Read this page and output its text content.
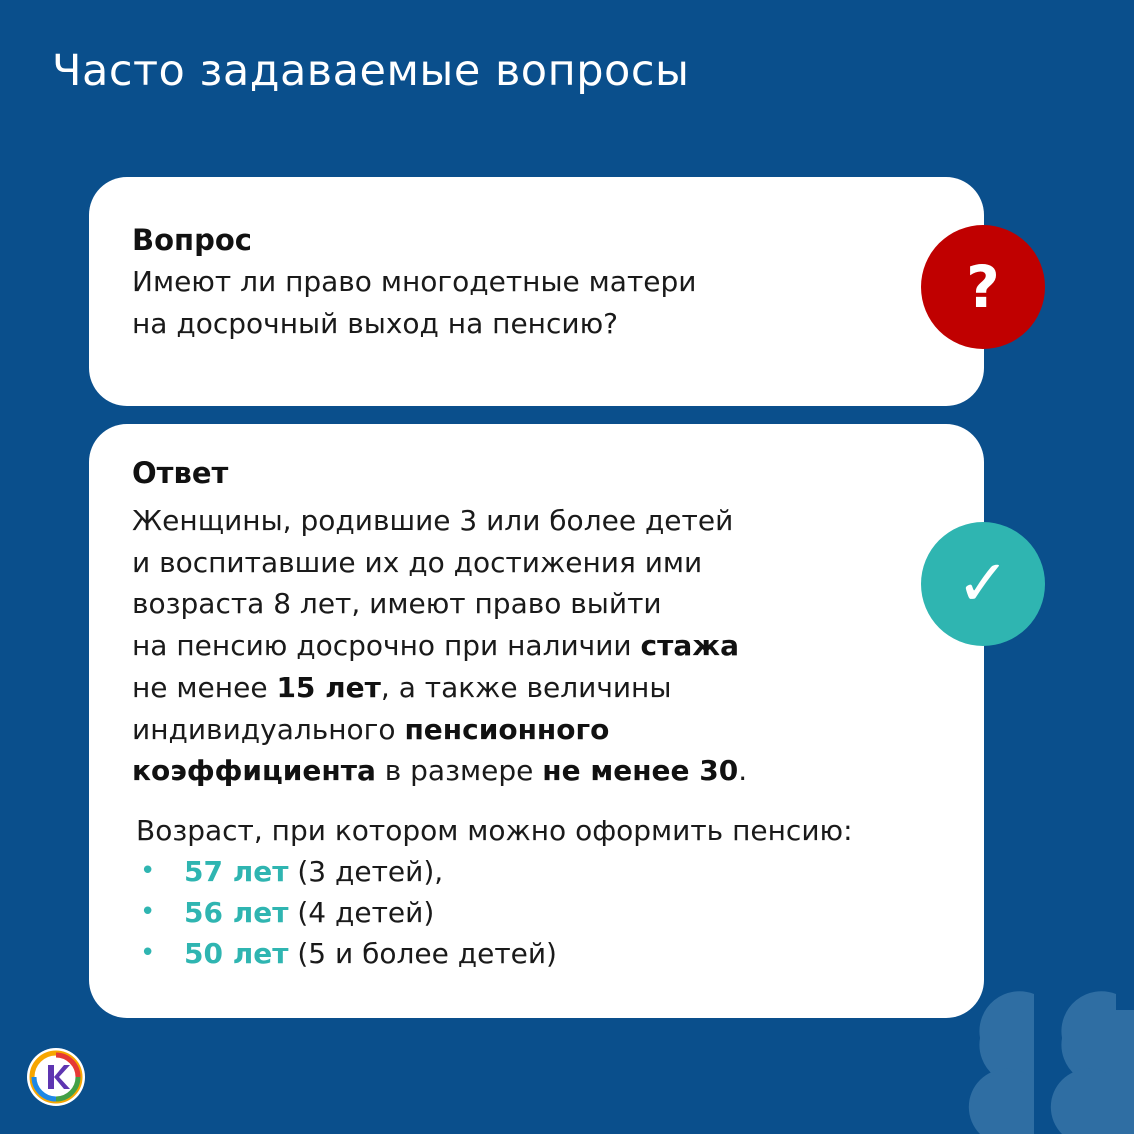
Часто задаваемые вопросы
Вопрос
Имеют ли право многодетные матери
на досрочный выход на пенсию?
?
Ответ
Женщины, родившие 3 или более детей
и воспитавшие их до достижения ими
возраста 8 лет, имеют право выйти
на пенсию досрочно при наличии стажа
не менее 15 лет, а также величины
индивидуального пенсионного
коэффициента в размере не менее 30.
Возраст, при котором можно оформить пенсию:
• 57 лет (3 детей),
• 56 лет (4 детей)
• 50 лет (5 и более детей)
✓
